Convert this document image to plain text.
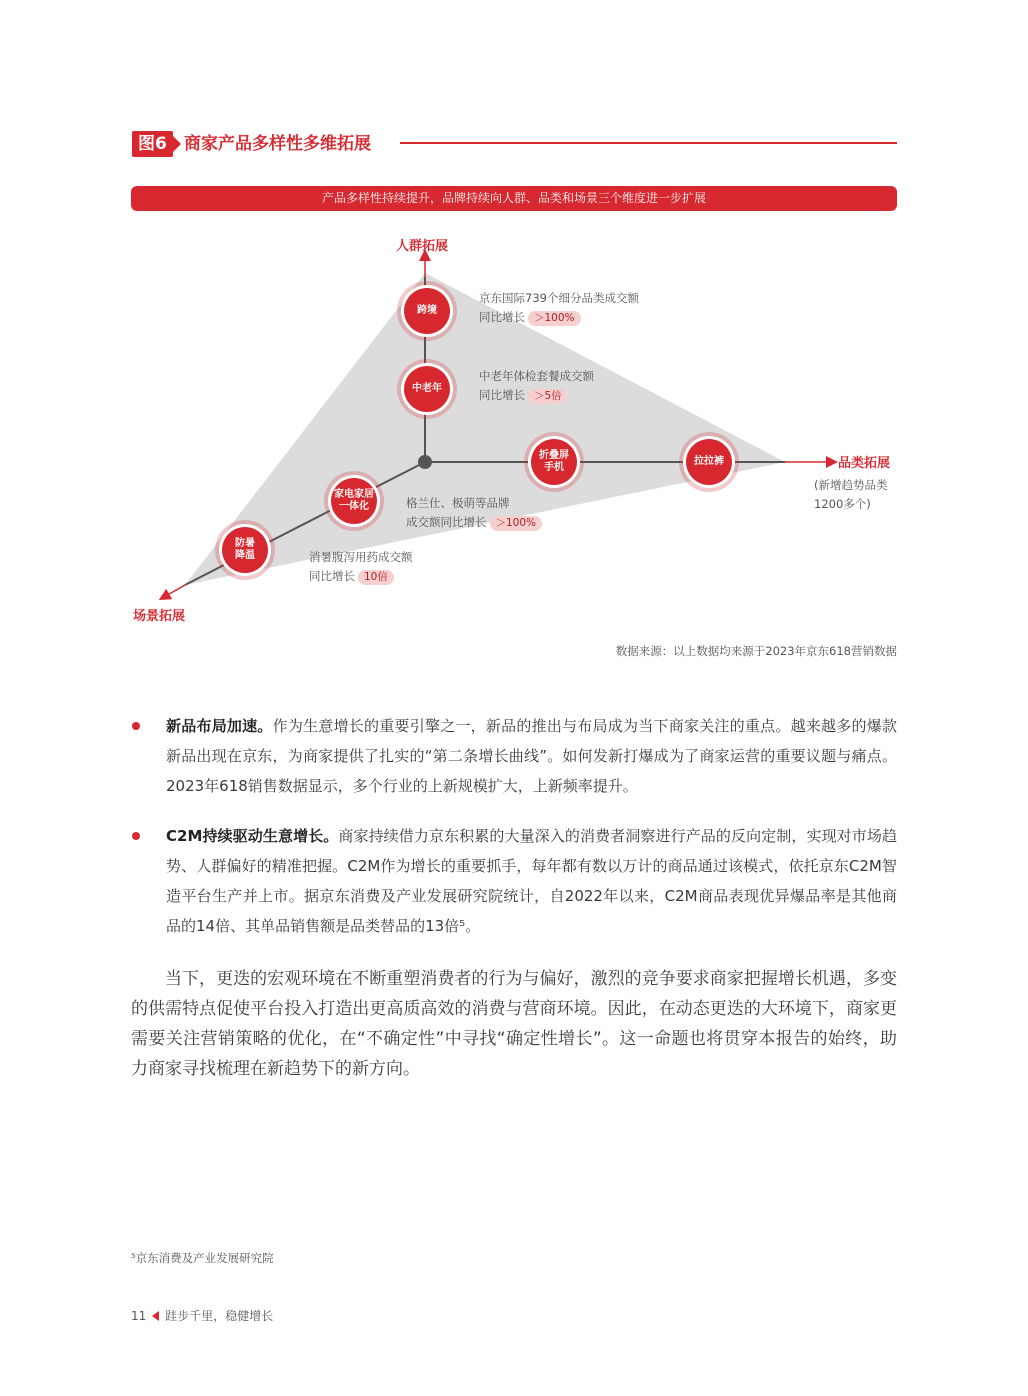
图6	商家产品多样性多维拓展
产品多样性持续提升，品牌持续向人群、品类和场景三个维度进一步扩展
人群拓展
品类拓展
(新增趋势品类
1200多个)
场景拓展
跨境
中老年
折叠屏
手机
拉拉裤
家电家居
一体化
防暑
降温
京东国际739个细分品类成交额
同比增长 ＞100%
中老年体检套餐成交额
同比增长 ＞5倍
格兰仕、极萌等品牌
成交额同比增长 ＞100%
消暑腹泻用药成交额
同比增长 10倍
数据来源：以上数据均来源于2023年京东618营销数据
新品布局加速。作为生意增长的重要引擎之一，新品的推出与布局成为当下商家关注的重点。越来越多的爆款新品出现在京东，为商家提供了扎实的“第二条增长曲线”。如何发新打爆成为了商家运营的重要议题与痛点。2023年618销售数据显示，多个行业的上新规模扩大，上新频率提升。
C2M持续驱动生意增长。商家持续借力京东积累的大量深入的消费者洞察进行产品的反向定制，实现对市场趋势、人群偏好的精准把握。C2M作为增长的重要抓手，每年都有数以万计的商品通过该模式，依托京东C2M智造平台生产并上市。据京东消费及产业发展研究院统计，自2022年以来，C2M商品表现优异爆品率是其他商品的14倍、其单品销售额是品类替品的13倍⁵。
当下，更迭的宏观环境在不断重塑消费者的行为与偏好，激烈的竞争要求商家把握增长机遇，多变的供需特点促使平台投入打造出更高质高效的消费与营商环境。因此，在动态更迭的大环境下，商家更需要关注营销策略的优化，在“不确定性”中寻找“确定性增长”。这一命题也将贯穿本报告的始终，助力商家寻找梳理在新趋势下的新方向。
⁵京东消费及产业发展研究院
11 跬步千里，稳健增长
